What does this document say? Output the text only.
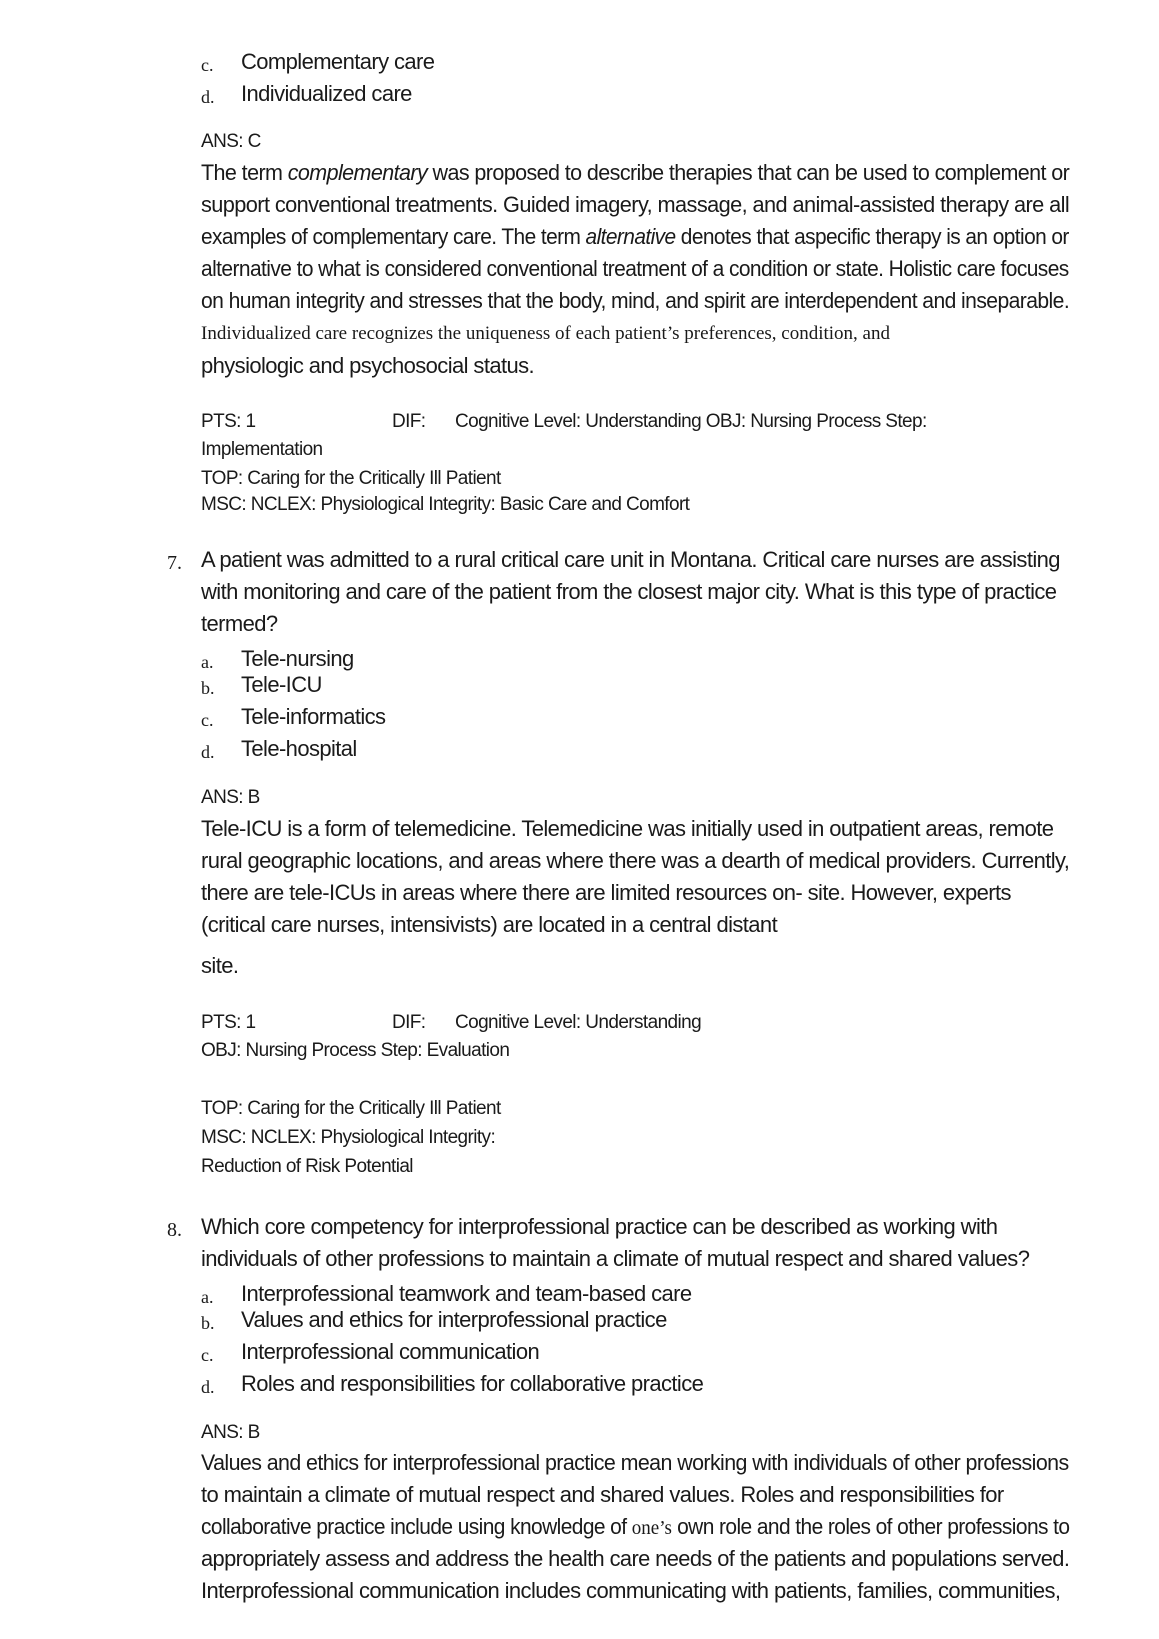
c. Complementary care
d. Individualized care
ANS: C
The term complementary was proposed to describe therapies that can be used to complement or
support conventional treatments. Guided imagery, massage, and animal-assisted therapy are all
examples of complementary care. The term alternative denotes that aspecific therapy is an option or
alternative to what is considered conventional treatment of a condition or state. Holistic care focuses
on human integrity and stresses that the body, mind, and spirit are interdependent and inseparable.
Individualized care recognizes the uniqueness of each patient’s preferences, condition, and
physiologic and psychosocial status.
PTS: 1	DIF: Cognitive Level: Understanding OBJ: Nursing Process Step:
Implementation
TOP: Caring for the Critically Ill Patient
MSC: NCLEX: Physiological Integrity: Basic Care and Comfort
7. A patient was admitted to a rural critical care unit in Montana. Critical care nurses are assisting
with monitoring and care of the patient from the closest major city. What is this type of practice
termed?
a. Tele-nursing
b. Tele-ICU
c. Tele-informatics
d. Tele-hospital
ANS: B
Tele-ICU is a form of telemedicine. Telemedicine was initially used in outpatient areas, remote
rural geographic locations, and areas where there was a dearth of medical providers. Currently,
there are tele-ICUs in areas where there are limited resources on- site. However, experts
(critical care nurses, intensivists) are located in a central distant
site.
PTS: 1	DIF: Cognitive Level: Understanding
OBJ: Nursing Process Step: Evaluation
TOP: Caring for the Critically Ill Patient
MSC: NCLEX: Physiological Integrity:
Reduction of Risk Potential
8. Which core competency for interprofessional practice can be described as working with
individuals of other professions to maintain a climate of mutual respect and shared values?
a. Interprofessional teamwork and team-based care
b. Values and ethics for interprofessional practice
c. Interprofessional communication
d. Roles and responsibilities for collaborative practice
ANS: B
Values and ethics for interprofessional practice mean working with individuals of other professions
to maintain a climate of mutual respect and shared values. Roles and responsibilities for
collaborative practice include using knowledge of one’s own role and the roles of other professions to
appropriately assess and address the health care needs of the patients and populations served.
Interprofessional communication includes communicating with patients, families, communities,
